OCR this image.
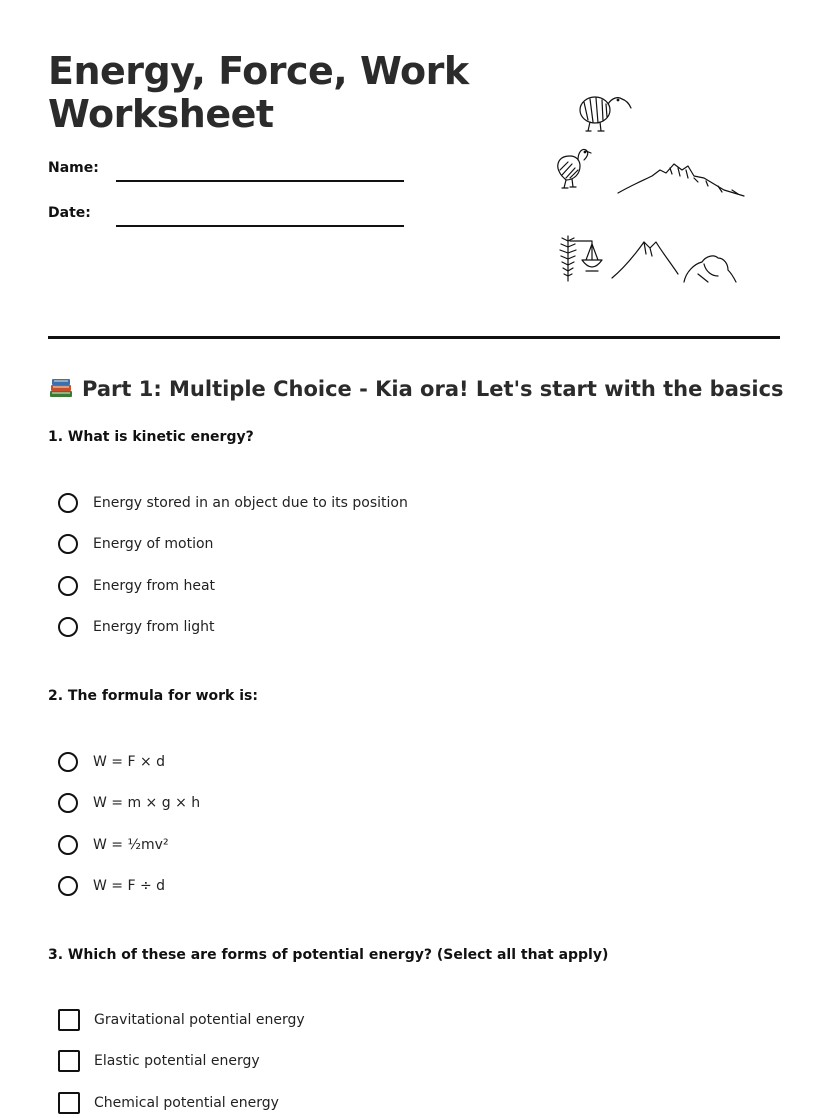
Energy, Force, Work
Worksheet
Name:
Date:
Part 1: Multiple Choice - Kia ora! Let's start with the basics
1. What is kinetic energy?
Energy stored in an object due to its position
Energy of motion
Energy from heat
Energy from light
2. The formula for work is:
W = F × d
W = m × g × h
W = ½mv²
W = F ÷ d
3. Which of these are forms of potential energy? (Select all that apply)
Gravitational potential energy
Elastic potential energy
Chemical potential energy
